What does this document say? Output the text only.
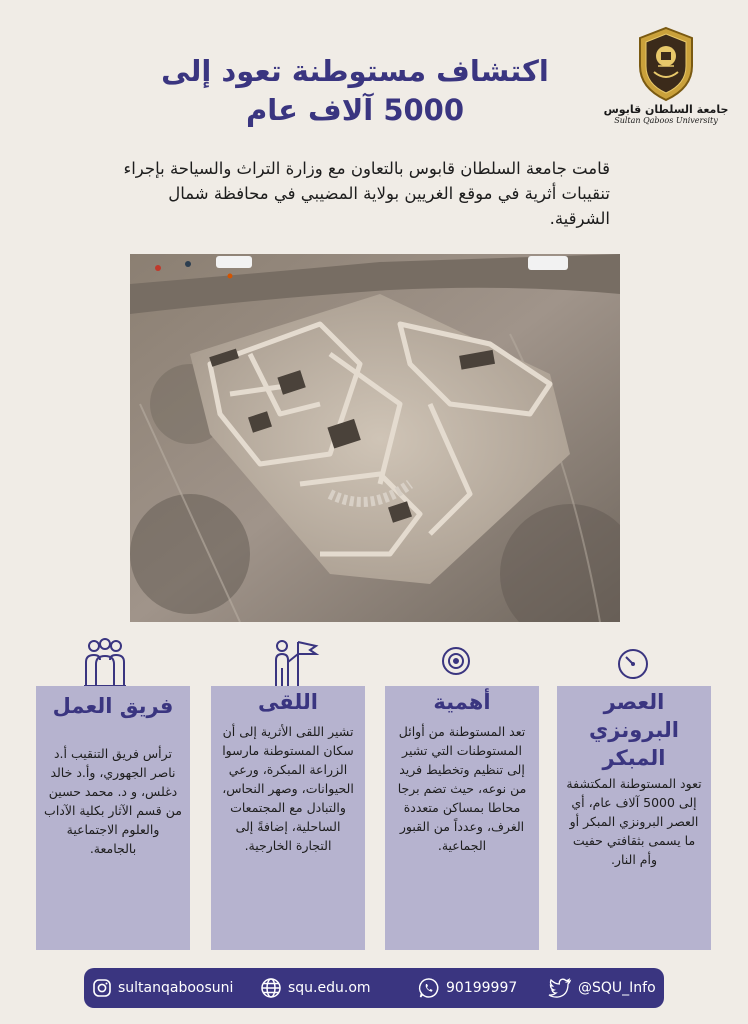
جامعة السلطان قابوس
Sultan Qaboos University
اكتشاف مستوطنة تعود إلى
5000 آلاف عام
قامت جامعة السلطان قابوس بالتعاون مع وزارة التراث والسياحة بإجراء تنقيبات أثرية في موقع الغريين بولاية المضيبي في محافظة شمال الشرقية.
العصر البرونزي المبكر
تعود المستوطنة المكتشفة إلى 5000 آلاف عام، أي العصر البرونزي المبكر أو ما يسمى بثقافتي حفيت وأم النار.
أهمية
تعد المستوطنة من أوائل المستوطنات التي تشير إلى تنظيم وتخطيط فريد من نوعه، حيث تضم برجا محاطا بمساكن متعددة الغرف، وعدداً من القبور الجماعية.
اللقى
تشير اللقى الأثرية إلى أن سكان المستوطنة مارسوا الزراعة المبكرة، ورعي الحيوانات، وصهر النحاس، والتبادل مع المجتمعات الساحلية، إضافةً إلى التجارة الخارجية.
فريق العمل
ترأس فريق التنقيب أ.د ناصر الجهوري، وأ.د خالد دغلس، و د. محمد حسين من قسم الآثار بكلية الآداب والعلوم الاجتماعية بالجامعة.
sultanqaboosuni	squ.edu.om	90199997	@SQU_Info
